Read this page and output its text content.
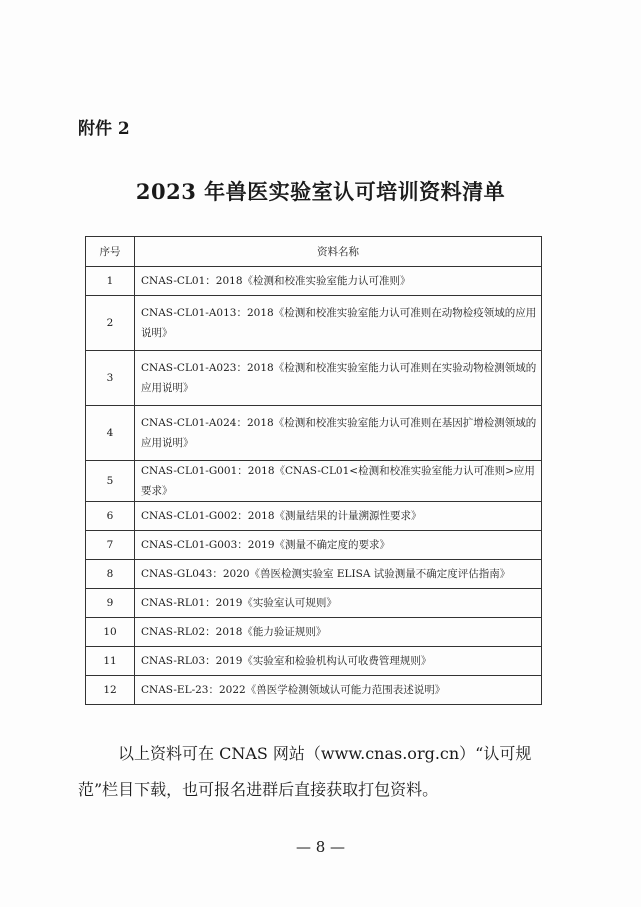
附件 2
2023 年兽医实验室认可培训资料清单
序号	资料名称
1	CNAS-CL01：2018《检测和校准实验室能力认可准则》
2	CNAS-CL01-A013：2018《检测和校准实验室能力认可准则在动物检疫领域的应用说明》
3	CNAS-CL01-A023：2018《检测和校准实验室能力认可准则在实验动物检测领域的应用说明》
4	CNAS-CL01-A024：2018《检测和校准实验室能力认可准则在基因扩增检测领域的应用说明》
5	CNAS-CL01-G001：2018《CNAS-CL01<检测和校准实验室能力认可准则>应用要求》
6	CNAS-CL01-G002：2018《测量结果的计量溯源性要求》
7	CNAS-CL01-G003：2019《测量不确定度的要求》
8	CNAS-GL043：2020《兽医检测实验室 ELISA 试验测量不确定度评估指南》
9	CNAS-RL01：2019《实验室认可规则》
10	CNAS-RL02：2018《能力验证规则》
11	CNAS-RL03：2019《实验室和检验机构认可收费管理规则》
12	CNAS-EL-23：2022《兽医学检测领域认可能力范围表述说明》

以上资料可在 CNAS 网站（www.cnas.org.cn）“认可规范”栏目下载，也可报名进群后直接获取打包资料。

— 8 —
